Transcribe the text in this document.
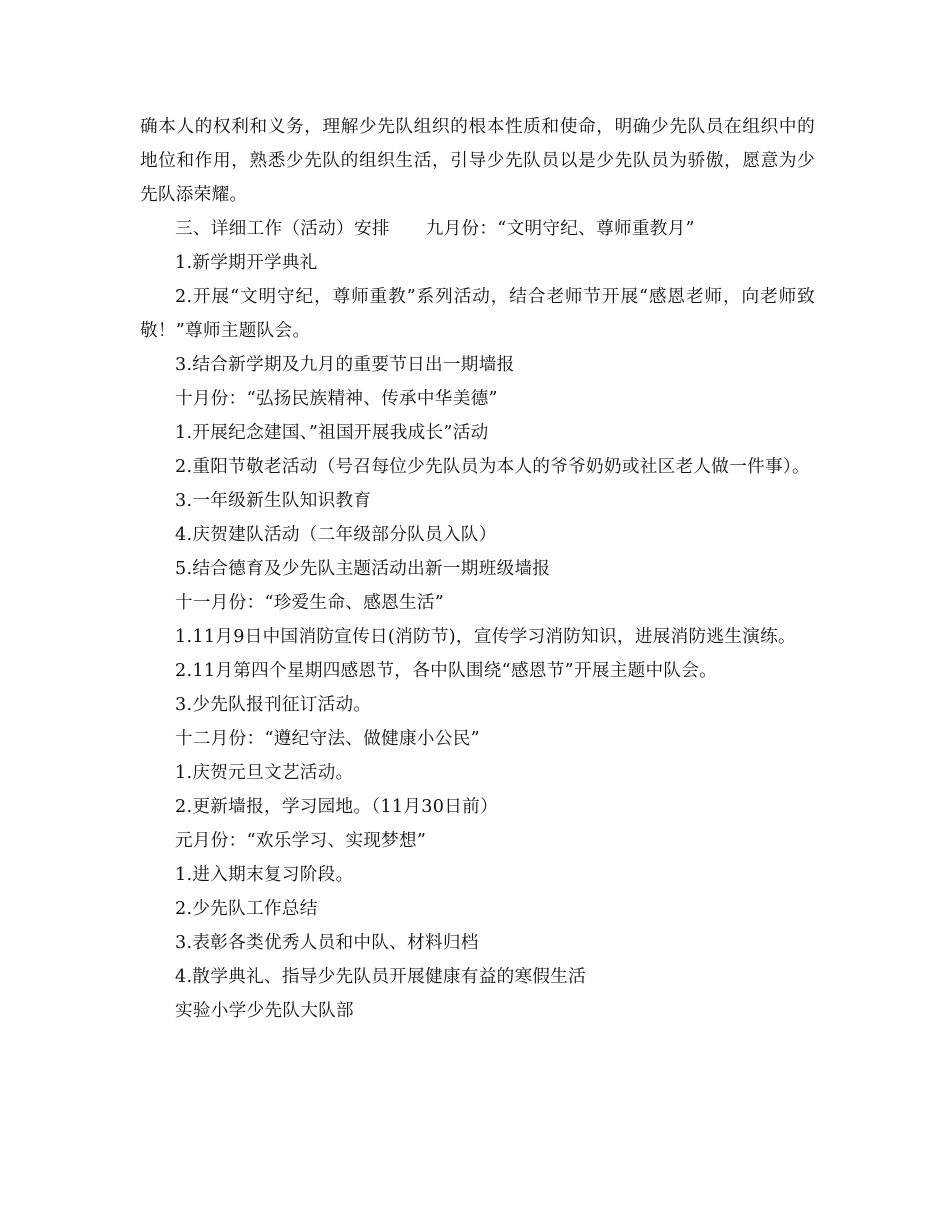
确本人的权利和义务，理解少先队组织的根本性质和使命，明确少先队员在组织中的地位和作用，熟悉少先队的组织生活，引导少先队员以是少先队员为骄傲，愿意为少先队添荣耀。

三、详细工作（活动）安排 九月份：“文明守纪、尊师重教月”

1.新学期开学典礼

2.开展“文明守纪，尊师重教”系列活动，结合老师节开展“感恩老师，向老师致敬！”尊师主题队会。

3.结合新学期及九月的重要节日出一期墙报

十月份：“弘扬民族精神、传承中华美德”

1.开展纪念建国、”祖国开展我成长”活动

2.重阳节敬老活动（号召每位少先队员为本人的爷爷奶奶或社区老人做一件事）。

3.一年级新生队知识教育

4.庆贺建队活动（二年级部分队员入队）

5.结合德育及少先队主题活动出新一期班级墙报

十一月份：“珍爱生命、感恩生活”

1.11月9日中国消防宣传日(消防节)，宣传学习消防知识，进展消防逃生演练。

2.11月第四个星期四感恩节，各中队围绕“感恩节”开展主题中队会。

3.少先队报刊征订活动。

十二月份：“遵纪守法、做健康小公民”

1.庆贺元旦文艺活动。

2.更新墙报，学习园地。（11月30日前）

元月份：“欢乐学习、实现梦想”

1.进入期末复习阶段。

2.少先队工作总结

3.表彰各类优秀人员和中队、材料归档

4.散学典礼、指导少先队员开展健康有益的寒假生活

实验小学少先队大队部
